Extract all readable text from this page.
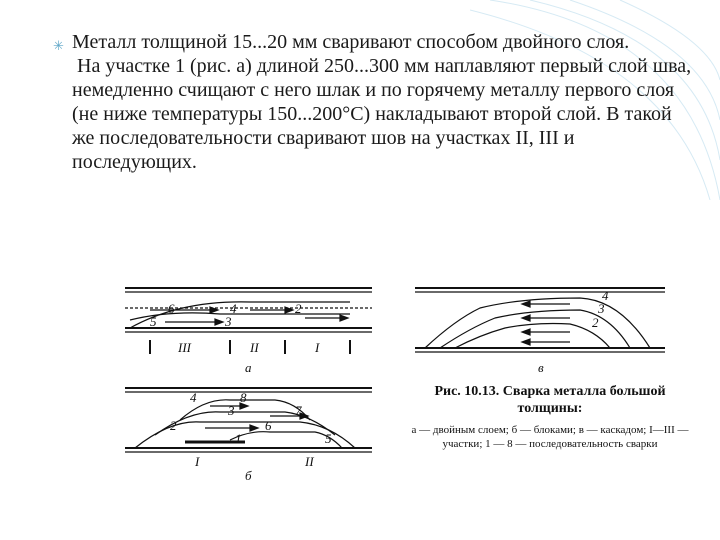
✳ Металл толщиной 15...20 мм сваривают способом двойного слоя.

На участке 1 (рис. а) длиной 250...300 мм наплавляют первый слой шва, немедленно счищают с него шлак и по горячему металлу первого слоя (не ниже температуры 150...200°С) накладывают второй слой. В такой же последовательности сваривают шов на участках II, III и последующих.

6	4	2
5	3
III	II	I
а
4	8
3	7
2	6
1	5
I	II
б
4
3
2
в
Рис. 10.13. Сварка металла большой толщины:
а — двойным слоем; б — блоками; в — каскадом; I—III — участки; 1 — 8 — последовательность сварки
